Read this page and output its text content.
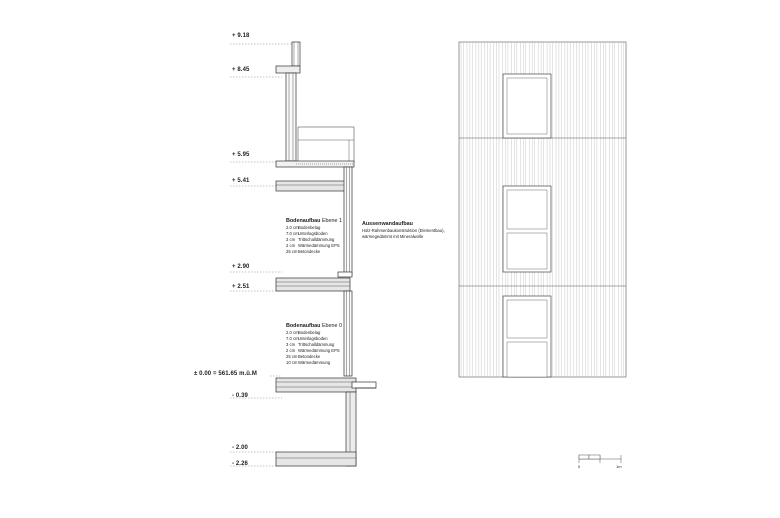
+ 9.18
+ 8.45
+ 5.95
+ 5.41
+ 2.90
+ 2.51
± 0.00 = 561.65 m.ü.M
- 0.39
- 2.00
- 2.26
Bodenaufbau Ebene 1
2.0 cmBodenbelag
7.0 cmUnterlagsboden
3 cm Trittschalldämmung
2 cm Wärmedämmung EPS
25 cmBetondecke
Bodenaufbau Ebene 0
2.0 cmBodenbelag
7.0 cmUnterlagsboden
3 cm Trittschalldämmung
2 cm Wärmedämmung EPS
25 cmBetondecke
10 cmWärmedämmung
Aussenwandaufbau
Holz-Rahmenbaukonstruktion (Elementbau),
wärmegedämmt mit Mineralwolle
0	1m
